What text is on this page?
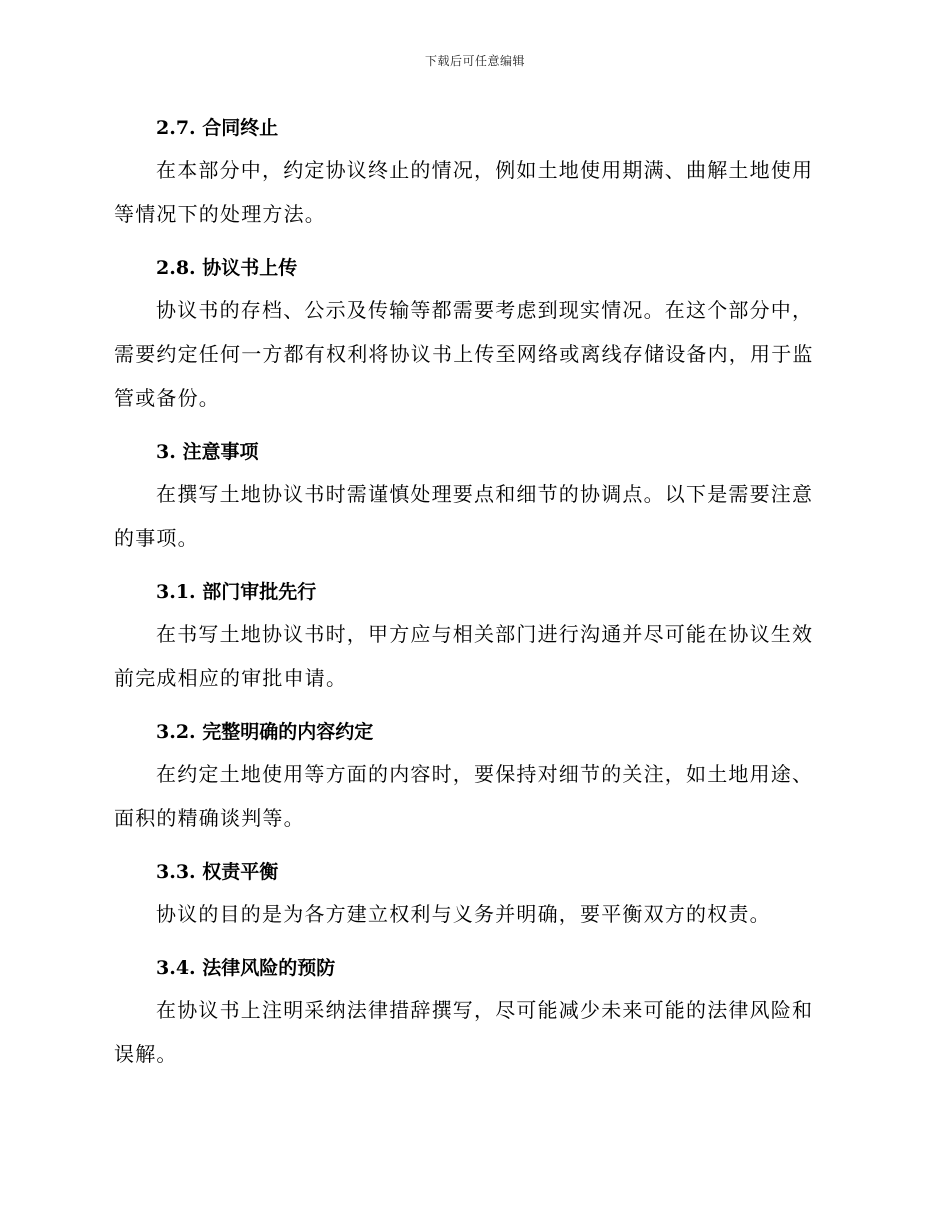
下载后可任意编辑
2.7. 合同终止

在本部分中，约定协议终止的情况，例如土地使用期满、曲解土地使用等情况下的处理方法。

2.8. 协议书上传

协议书的存档、公示及传输等都需要考虑到现实情况。在这个部分中，需要约定任何一方都有权利将协议书上传至网络或离线存储设备内，用于监管或备份。

3. 注意事项

在撰写土地协议书时需谨慎处理要点和细节的协调点。以下是需要注意的事项。

3.1. 部门审批先行

在书写土地协议书时，甲方应与相关部门进行沟通并尽可能在协议生效前完成相应的审批申请。

3.2. 完整明确的内容约定

在约定土地使用等方面的内容时，要保持对细节的关注，如土地用途、面积的精确谈判等。

3.3. 权责平衡

协议的目的是为各方建立权利与义务并明确，要平衡双方的权责。

3.4. 法律风险的预防

在协议书上注明采纳法律措辞撰写，尽可能减少未来可能的法律风险和误解。
